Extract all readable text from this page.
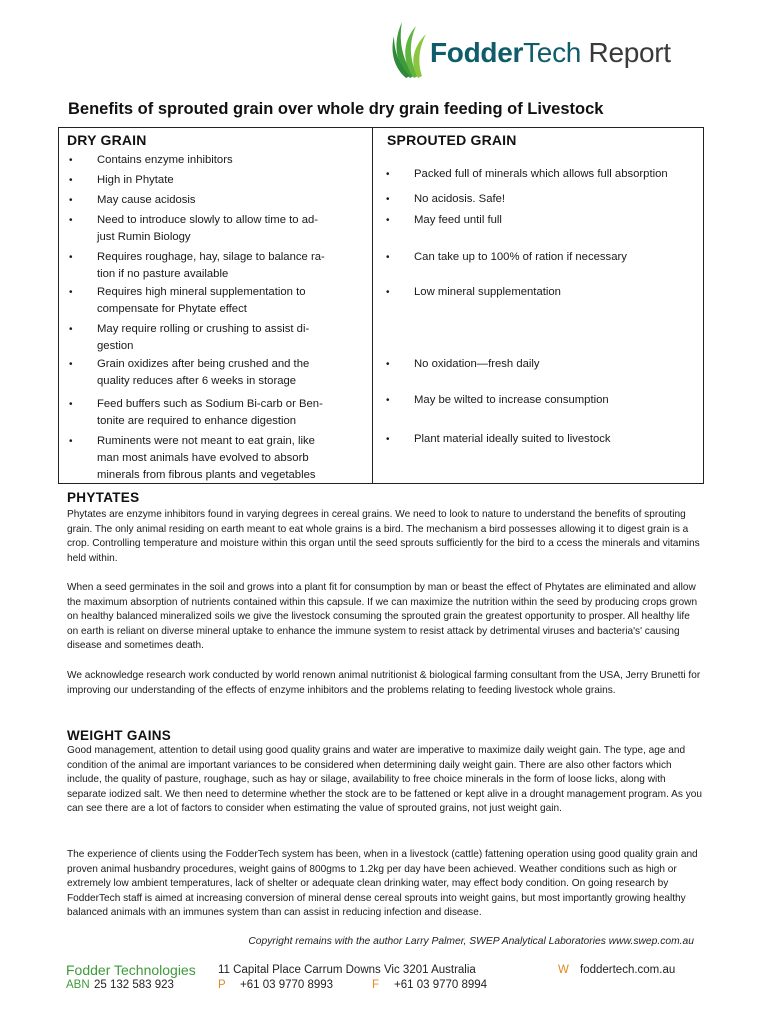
FodderTech Report
Benefits of sprouted grain over whole dry grain feeding of Livestock
DRY GRAIN	SPROUTED GRAIN
• Contains enzyme inhibitors
• High in Phytate
• May cause acidosis
• Need to introduce slowly to allow time to ad-
just Rumin Biology
• Requires roughage, hay, silage to balance ra-
tion if no pasture available
• Requires high mineral supplementation to
compensate for Phytate effect
• May require rolling or crushing to assist di-
gestion
• Grain oxidizes after being crushed and the
quality reduces after 6 weeks in storage
• Feed buffers such as Sodium Bi-carb or Ben-
tonite are required to enhance digestion
• Ruminents were not meant to eat grain, like
man most animals have evolved to absorb
minerals from fibrous plants and vegetables
• Packed full of minerals which allows full absorption
• No acidosis. Safe!
• May feed until full
• Can take up to 100% of ration if necessary
• Low mineral supplementation
• No oxidation—fresh daily
• May be wilted to increase consumption
• Plant material ideally suited to livestock
PHYTATES
Phytates are enzyme inhibitors found in varying degrees in cereal grains. We need to look to nature to understand the benefits of sprouting grain. The only animal residing on earth meant to eat whole grains is a bird. The mechanism a bird possesses allowing it to digest grain is a crop. Controlling temperature and moisture within this organ until the seed sprouts sufficiently for the bird to a ccess the minerals and vitamins held within.
When a seed germinates in the soil and grows into a plant fit for consumption by man or beast the effect of Phytates are eliminated and allow the maximum absorption of nutrients contained within this capsule. If we can maximize the nutrition within the seed by producing crops grown on healthy balanced mineralized soils we give the livestock consuming the sprouted grain the greatest opportunity to prosper. All healthy life on earth is reliant on diverse mineral uptake to enhance the immune system to resist attack by detrimental viruses and bacteria's' causing disease and sometimes death.
We acknowledge research work conducted by world renown animal nutritionist & biological farming consultant from the USA, Jerry Brunetti for improving our understanding of the effects of enzyme inhibitors and the problems relating to feeding livestock whole grains.
WEIGHT GAINS
Good management, attention to detail using good quality grains and water are imperative to maximize daily weight gain. The type, age and condition of the animal are important variances to be considered when determining daily weight gain. There are also other factors which include, the quality of pasture, roughage, such as hay or silage, availability to free choice minerals in the form of loose licks, along with separate iodized salt. We then need to determine whether the stock are to be fattened or kept alive in a drought management program. As you can see there are a lot of factors to consider when estimating the value of sprouted grains, not just weight gain.
The experience of clients using the FodderTech system has been, when in a livestock (cattle) fattening operation using good quality grain and proven animal husbandry procedures, weight gains of 800gms to 1.2kg per day have been achieved. Weather conditions such as high or extremely low ambient temperatures, lack of shelter or adequate clean drinking water, may effect body condition. On going research by FodderTech staff is aimed at increasing conversion of mineral dense cereal sprouts into weight gains, but most importantly growing healthy balanced animals with an immunes system than can assist in reducing infection and disease.
Copyright remains with the author Larry Palmer, SWEP Analytical Laboratories www.swep.com.au
Fodder Technologies
ABN 25 132 583 923
11 Capital Place Carrum Downs Vic 3201 Australia
P +61 03 9770 8993	F +61 03 9770 8994
W foddertech.com.au
